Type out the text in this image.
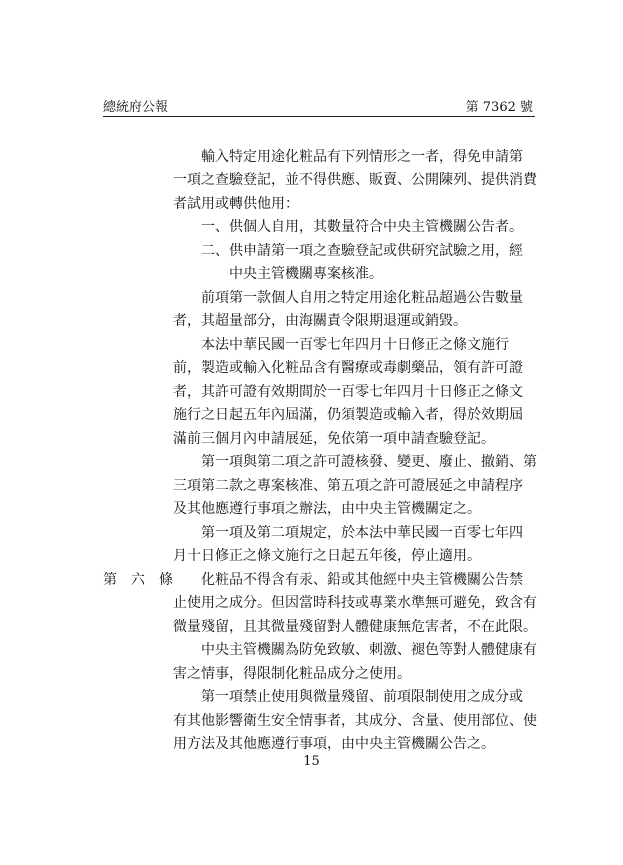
總統府公報	第 7362 號
　　輸入特定用途化粧品有下列情形之一者，得免申請第
一項之查驗登記，並不得供應、販賣、公開陳列、提供消費
者試用或轉供他用：
　　一、供個人自用，其數量符合中央主管機關公告者。
　　二、供申請第一項之查驗登記或供研究試驗之用，經
　　　　中央主管機關專案核准。
　　前項第一款個人自用之特定用途化粧品超過公告數量
者，其超量部分，由海關責令限期退運或銷毀。
　　本法中華民國一百零七年四月十日修正之條文施行
前，製造或輸入化粧品含有醫療或毒劇藥品，領有許可證
者，其許可證有效期間於一百零七年四月十日修正之條文
施行之日起五年內屆滿，仍須製造或輸入者，得於效期屆
滿前三個月內申請展延，免依第一項申請查驗登記。
　　第一項與第二項之許可證核發、變更、廢止、撤銷、第
三項第二款之專案核准、第五項之許可證展延之申請程序
及其他應遵行事項之辦法，由中央主管機關定之。
　　第一項及第二項規定，於本法中華民國一百零七年四
月十日修正之條文施行之日起五年後，停止適用。
第　六　條 　　化粧品不得含有汞、鉛或其他經中央主管機關公告禁
止使用之成分。但因當時科技或專業水準無可避免，致含有
微量殘留，且其微量殘留對人體健康無危害者，不在此限。
　　中央主管機關為防免致敏、刺激、褪色等對人體健康有
害之情事，得限制化粧品成分之使用。
　　第一項禁止使用與微量殘留、前項限制使用之成分或
有其他影響衛生安全情事者，其成分、含量、使用部位、使
用方法及其他應遵行事項，由中央主管機關公告之。
15
